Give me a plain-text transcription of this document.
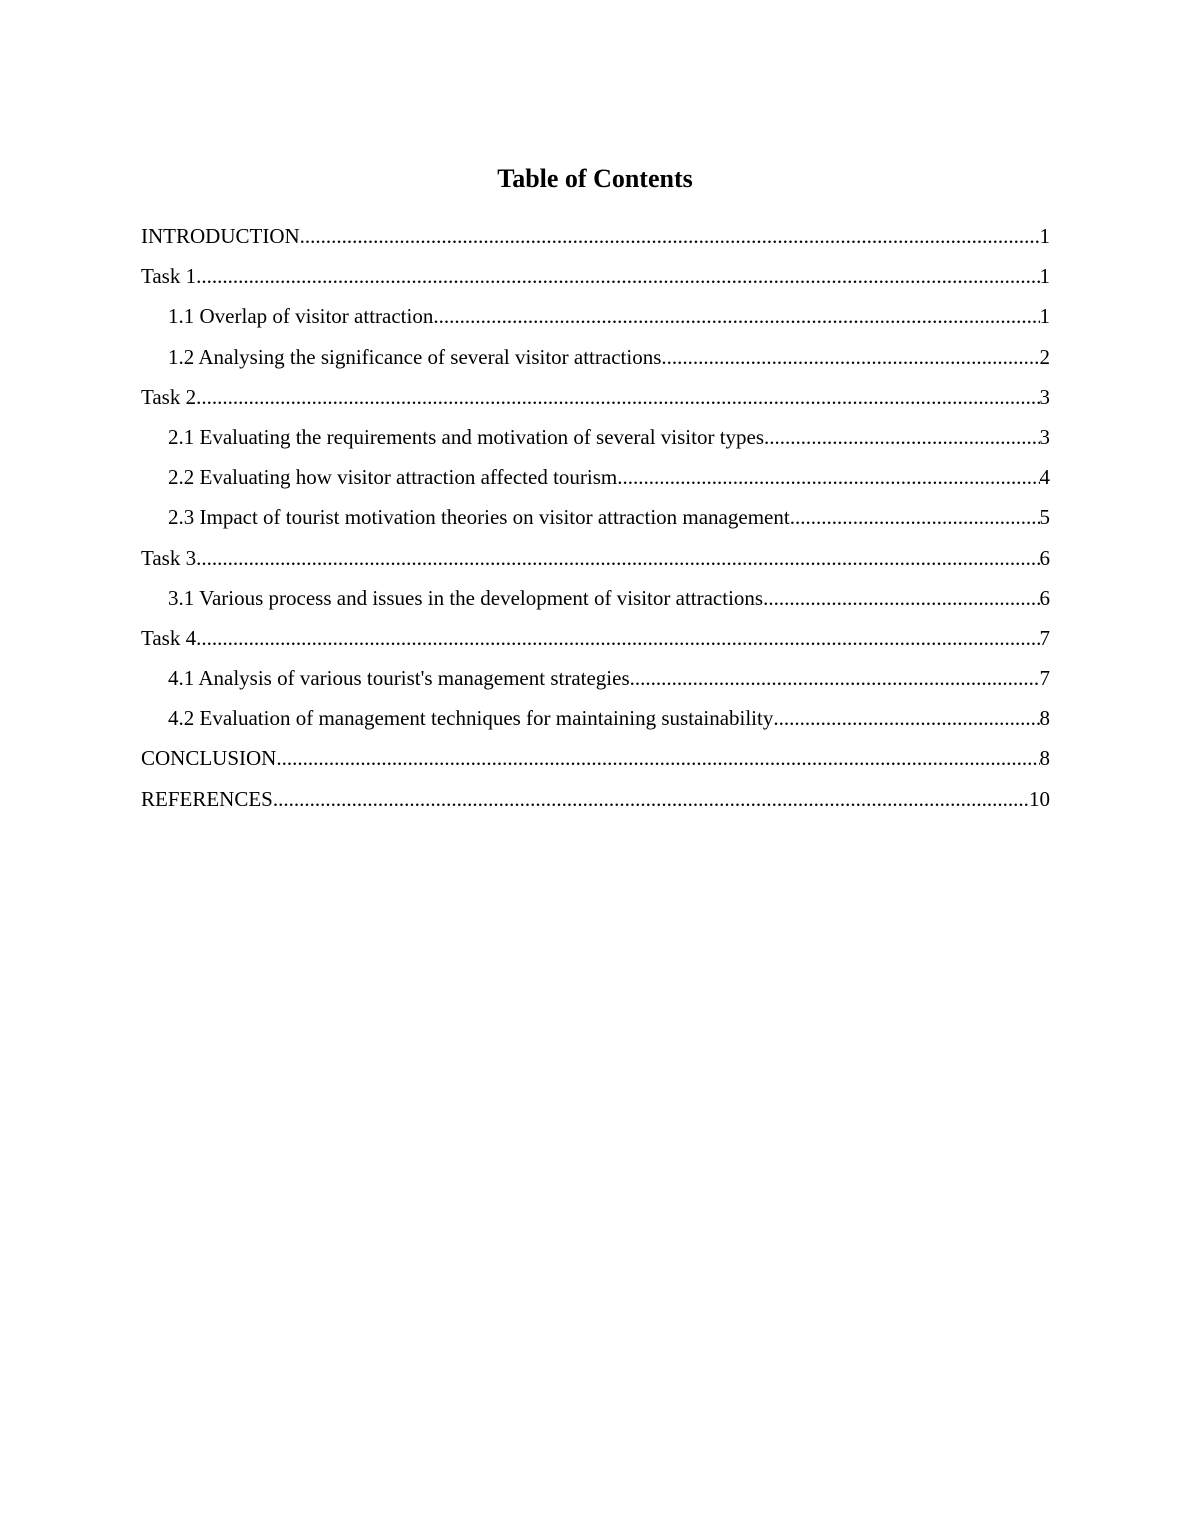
Table of Contents
INTRODUCTION .....	1
Task 1 .....	1
1.1 Overlap of visitor attraction .....	1
1.2 Analysing the significance of several visitor attractions .....	2
Task 2 .....	3
2.1 Evaluating the requirements and motivation of several visitor types .....	3
2.2 Evaluating how visitor attraction affected tourism .....	4
2.3 Impact of tourist motivation theories on visitor attraction management .....	5
Task 3 .....	6
3.1 Various process and issues in the development of visitor attractions .....	6
Task 4 .....	7
4.1 Analysis of various tourist's management strategies .....	7
4.2 Evaluation of management techniques for maintaining sustainability .....	8
CONCLUSION .....	8
REFERENCES .....	10
